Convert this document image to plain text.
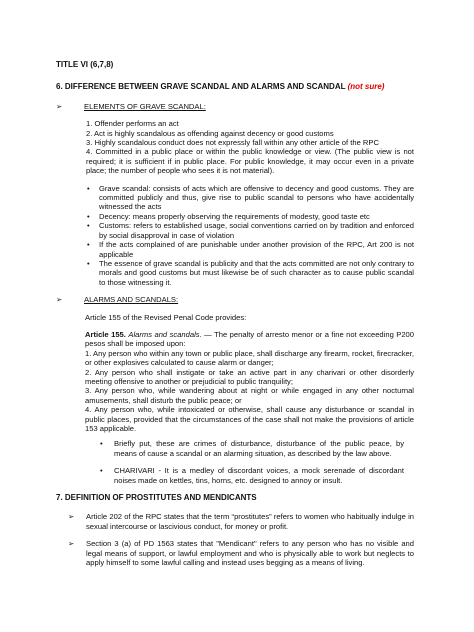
TITLE VI (6,7,8)
6. DIFFERENCE BETWEEN GRAVE SCANDAL AND ALARMS AND SCANDAL (not sure)
➢	ELEMENTS OF GRAVE SCANDAL:
1. Offender performs an act
2. Act is highly scandalous as offending against decency or good customs
3. Highly scandalous conduct does not expressly fall within any other article of the RPC
4. Committed in a public place or within the public knowledge or view. (The public view is not required; it is sufficient if in public place. For public knowledge, it may occur even in a private place; the number of people who sees it is not material).
• Grave scandal: consists of acts which are offensive to decency and good customs. They are committed publicly and thus, give rise to public scandal to persons who have accidentally witnessed the acts
• Decency: means properly observing the requirements of modesty, good taste etc
• Customs: refers to established usage, social conventions carried on by tradition and enforced by social disapproval in case of violation
• If the acts complained of are punishable under another provision of the RPC, Art 200 is not applicable
• The essence of grave scandal is publicity and that the acts committed are not only contrary to morals and good customs but must likewise be of such character as to cause public scandal to those witnessing it.
➢	ALARMS AND SCANDALS:
Article 155 of the Revised Penal Code provides:
Article 155. Alarms and scandals. — The penalty of arresto menor or a fine not exceeding P200 pesos shall be imposed upon:
1. Any person who within any town or public place, shall discharge any firearm, rocket, firecracker, or other explosives calculated to cause alarm or danger;
2. Any person who shall instigate or take an active part in any charivari or other disorderly meeting offensive to another or prejudicial to public tranquility;
3. Any person who, while wandering about at night or while engaged in any other nocturnal amusements, shall disturb the public peace; or
4. Any person who, while intoxicated or otherwise, shall cause any disturbance or scandal in public places, provided that the circumstances of the case shall not make the provisions of article 153 applicable.
• Briefly put, these are crimes of disturbance, disturbance of the public peace, by means of cause a scandal or an alarming situation, as described by the law above.
• CHARIVARI - It is a medley of discordant voices, a mock serenade of discordant noises made on kettles, tins, horns, etc. designed to annoy or insult.
7. DEFINITION OF PROSTITUTES AND MENDICANTS
➢	Article 202 of the RPC states that the term “prostitutes” refers to women who habitually indulge in sexual intercourse or lascivious conduct, for money or profit.
➢	Section 3 (a) of PD 1563 states that "Mendicant" refers to any person who has no visible and legal means of support, or lawful employment and who is physically able to work but neglects to apply himself to some lawful calling and instead uses begging as a means of living.
